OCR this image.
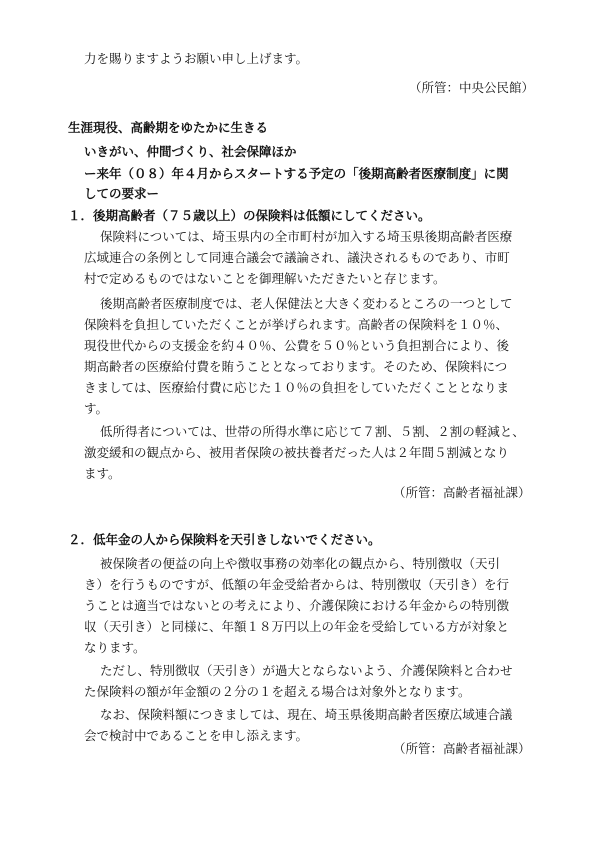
力を賜りますようお願い申し上げます。
（所管：中央公民館）
生涯現役、高齢期をゆたかに生きる
いきがい、仲間づくり、社会保障ほか
ー来年（０８）年４月からスタートする予定の「後期高齢者医療制度」に関
しての要求ー
１．後期高齢者（７５歳以上）の保険料は低額にしてください。
保険料については、埼玉県内の全市町村が加入する埼玉県後期高齢者医療
広域連合の条例として同連合議会で議論され、議決されるものであり、市町
村で定めるものではないことを御理解いただきたいと存じます。
後期高齢者医療制度では、老人保健法と大きく変わるところの一つとして
保険料を負担していただくことが挙げられます。高齢者の保険料を１０％、
現役世代からの支援金を約４０％、公費を５０％という負担割合により、後
期高齢者の医療給付費を賄うこととなっております。そのため、保険料につ
きましては、医療給付費に応じた１０％の負担をしていただくこととなりま
す。
低所得者については、世帯の所得水準に応じて７割、５割、２割の軽減と、
激変緩和の観点から、被用者保険の被扶養者だった人は２年間５割減となり
ます。
（所管：高齢者福祉課）
２．低年金の人から保険料を天引きしないでください。
被保険者の便益の向上や徴収事務の効率化の観点から、特別徴収（天引
き）を行うものですが、低額の年金受給者からは、特別徴収（天引き）を行
うことは適当ではないとの考えにより、介護保険における年金からの特別徴
収（天引き）と同様に、年額１８万円以上の年金を受給している方が対象と
なります。
ただし、特別徴収（天引き）が過大とならないよう、介護保険料と合わせ
た保険料の額が年金額の２分の１を超える場合は対象外となります。
なお、保険料額につきましては、現在、埼玉県後期高齢者医療広域連合議
会で検討中であることを申し添えます。
（所管：高齢者福祉課）
